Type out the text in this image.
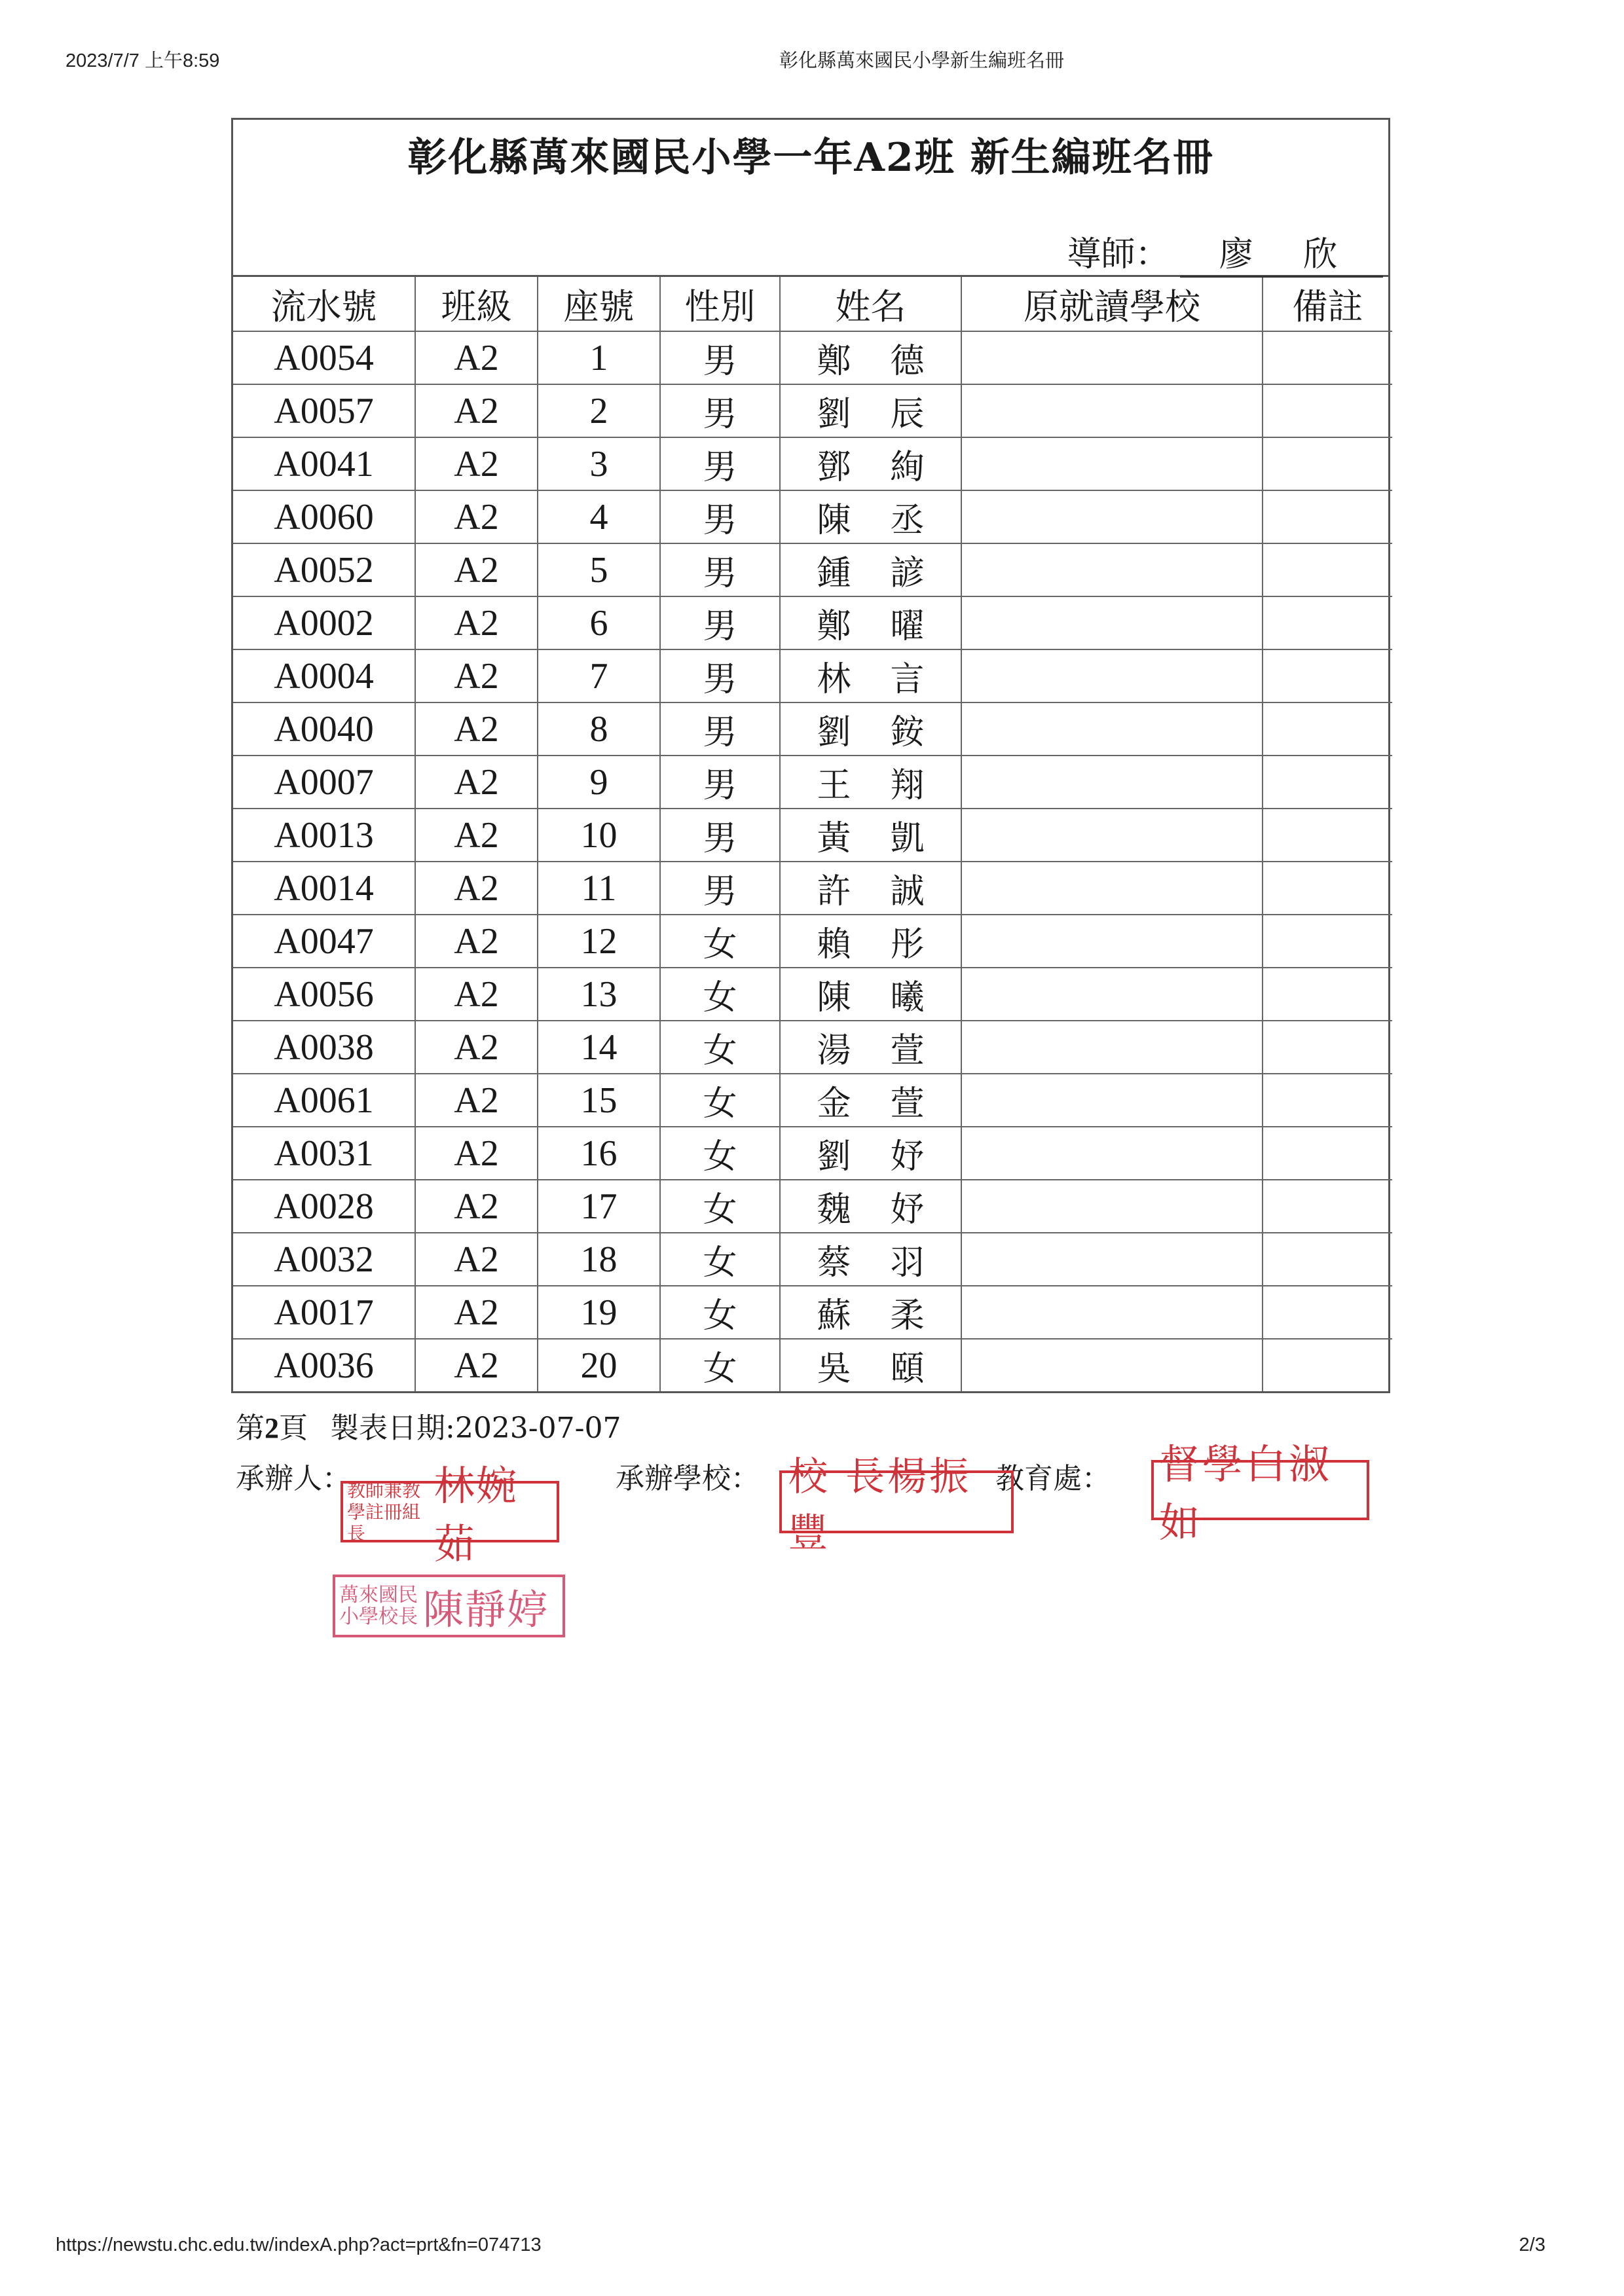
2023/7/7 上午8:59	彰化縣萬來國民小學新生編班名冊
彰化縣萬來國民小學一年A2班 新生編班名冊
導師： 廖 欣
流水號	班級	座號	性別	姓名	原就讀學校	備註
A0054	A2	1	男	鄭 德		
A0057	A2	2	男	劉 辰		
A0041	A2	3	男	鄧 絢		
A0060	A2	4	男	陳 丞		
A0052	A2	5	男	鍾 諺		
A0002	A2	6	男	鄭 曜		
A0004	A2	7	男	林 言		
A0040	A2	8	男	劉 銨		
A0007	A2	9	男	王 翔		
A0013	A2	10	男	黃 凱		
A0014	A2	11	男	許 誠		
A0047	A2	12	女	賴 彤		
A0056	A2	13	女	陳 曦		
A0038	A2	14	女	湯 萱		
A0061	A2	15	女	金 萱		
A0031	A2	16	女	劉 妤		
A0028	A2	17	女	魏 妤		
A0032	A2	18	女	蔡 羽		
A0017	A2	19	女	蘇 柔		
A0036	A2	20	女	吳 頤		
第2頁 製表日期:2023-07-07
承辦人：	承辦學校：	教育處：
教師兼教學註冊組長
林婉茹
校 長楊振豐
督學白淑如
萬來國民小學校長 陳靜婷
https://newstu.chc.edu.tw/indexA.php?act=prt&fn=074713	2/3
